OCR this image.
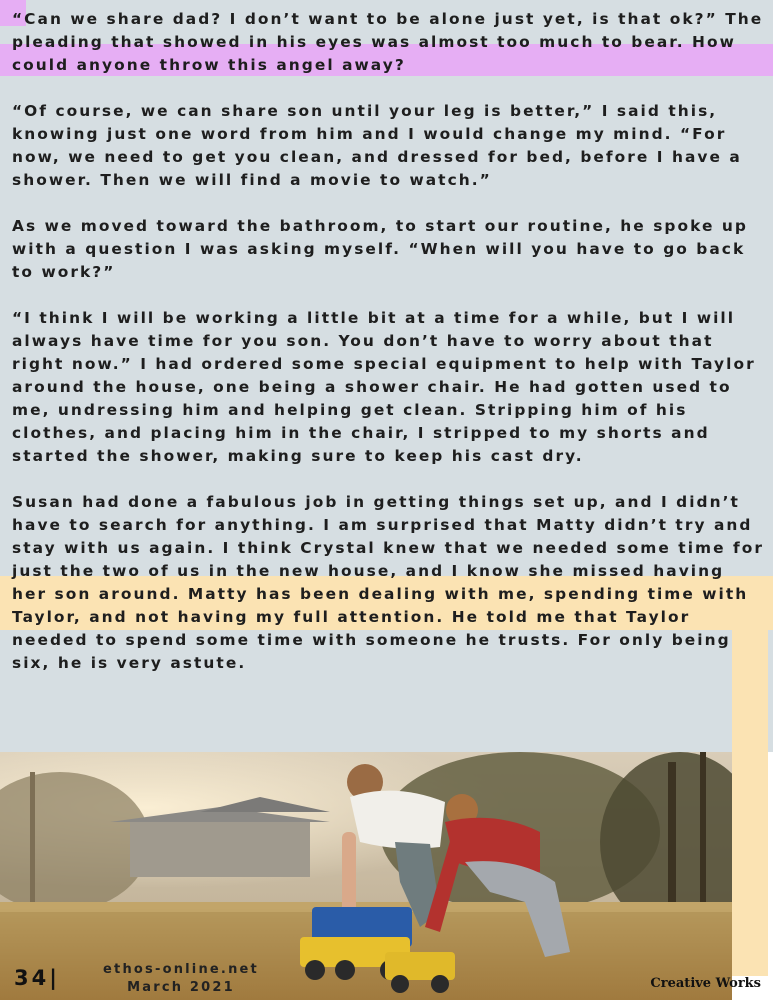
“Can we share dad? I don’t want to be alone just yet, is that ok?” The pleading that showed in his eyes was almost too much to bear. How could anyone throw this angel away?

“Of course, we can share son until your leg is better,” I said this, knowing just one word from him and I would change my mind. “For now, we need to get you clean, and dressed for bed, before I have a shower. Then we will find a movie to watch.”

As we moved toward the bathroom, to start our routine, he spoke up with a question I was asking myself. “When will you have to go back to work?”

“I think I will be working a little bit at a time for a while, but I will always have time for you son. You don’t have to worry about that right now.” I had ordered some special equipment to help with Taylor around the house, one being a shower chair. He had gotten used to me, undressing him and helping get clean. Stripping him of his clothes, and placing him in the chair, I stripped to my shorts and started the shower, making sure to keep his cast dry.

Susan had done a fabulous job in getting things set up, and I didn’t have to search for anything. I am surprised that Matty didn’t try and stay with us again. I think Crystal knew that we needed some time for just the two of us in the new house, and I know she missed having her son around. Matty has been dealing with me, spending time with Taylor, and not having my full attention. He told me that Taylor needed to spend some time with someone he trusts. For only being six, he is very astute.

34|	ethos-online.net
March 2021	Creative Works
